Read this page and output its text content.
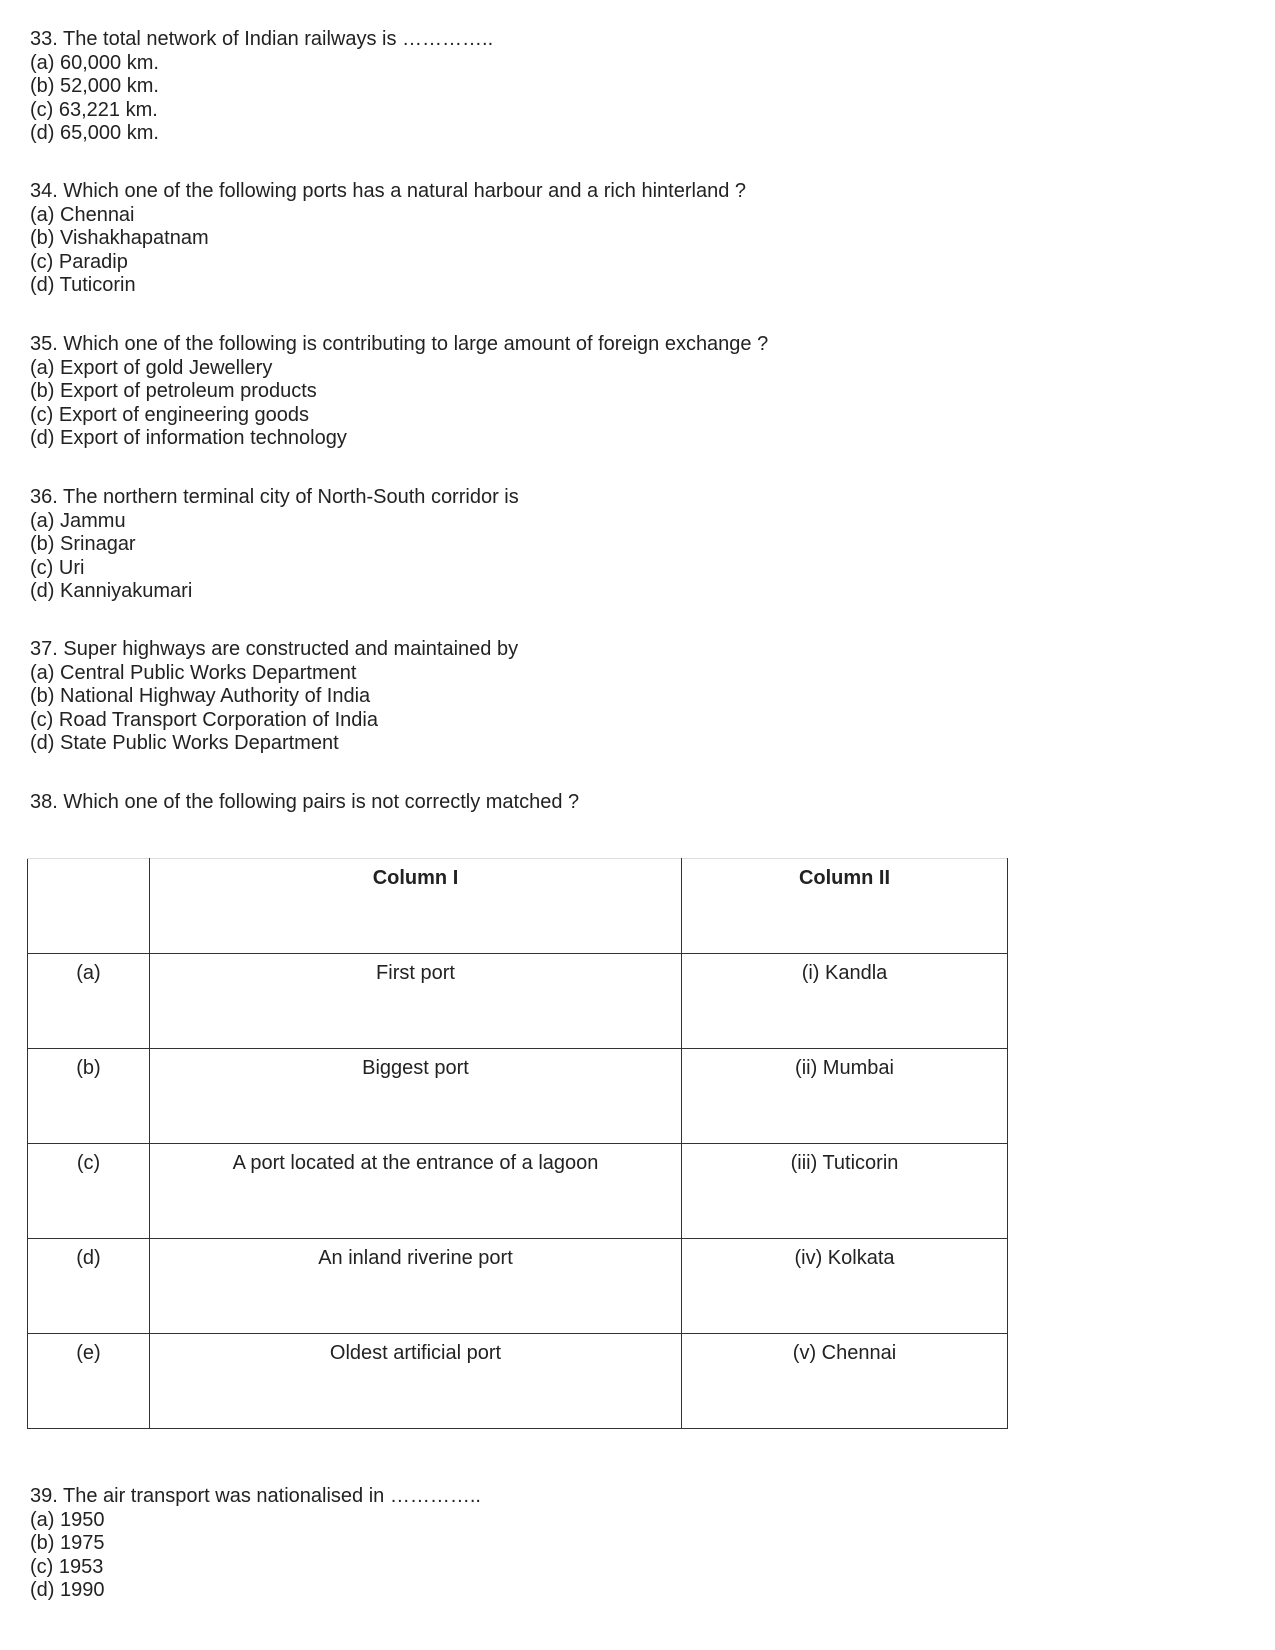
33. The total network of Indian railways is …………..
(a) 60,000 km.
(b) 52,000 km.
(c) 63,221 km.
(d) 65,000 km.
34. Which one of the following ports has a natural harbour and a rich hinterland ?
(a) Chennai
(b) Vishakhapatnam
(c) Paradip
(d) Tuticorin
35. Which one of the following is contributing to large amount of foreign exchange ?
(a) Export of gold Jewellery
(b) Export of petroleum products
(c) Export of engineering goods
(d) Export of information technology
36. The northern terminal city of North-South corridor is
(a) Jammu
(b) Srinagar
(c) Uri
(d) Kanniyakumari
37. Super highways are constructed and maintained by
(a) Central Public Works Department
(b) National Highway Authority of India
(c) Road Transport Corporation of India
(d) State Public Works Department
38. Which one of the following pairs is not correctly matched ?
	Column I	Column II
(a)	First port	(i) Kandla
(b)	Biggest port	(ii) Mumbai
(c)	A port located at the entrance of a lagoon	(iii) Tuticorin
(d)	An inland riverine port	(iv) Kolkata
(e)	Oldest artificial port	(v) Chennai
39. The air transport was nationalised in …………..
(a) 1950
(b) 1975
(c) 1953
(d) 1990
